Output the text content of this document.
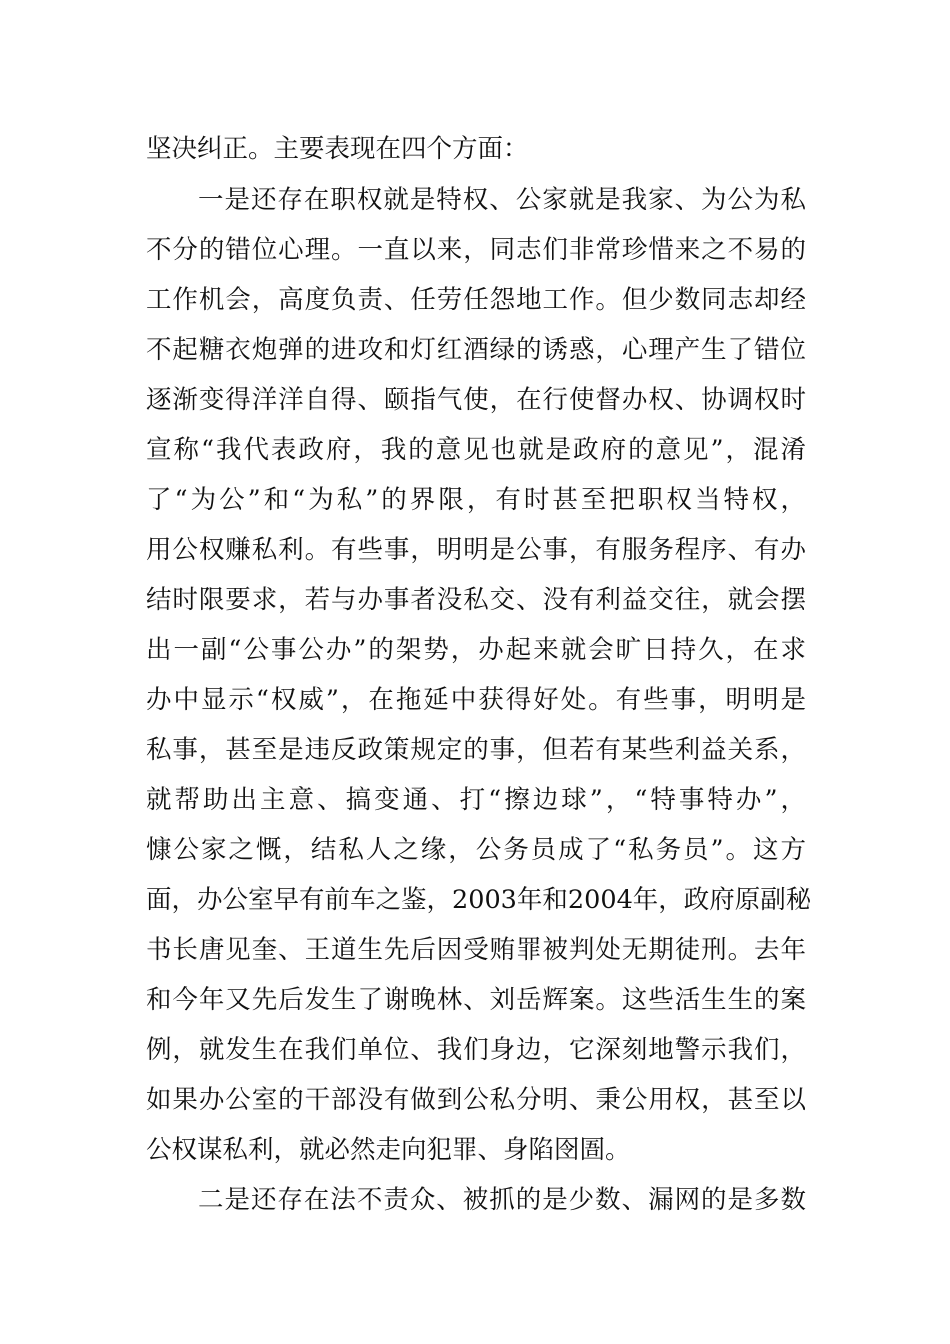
坚决纠正。主要表现在四个方面：
一是还存在职权就是特权、公家就是我家、为公为私
不分的错位心理。一直以来，同志们非常珍惜来之不易的
工作机会，高度负责、任劳任怨地工作。但少数同志却经
不起糖衣炮弹的进攻和灯红酒绿的诱惑，心理产生了错位
逐渐变得洋洋自得、颐指气使，在行使督办权、协调权时
宣称“我代表政府，我的意见也就是政府的意见”，混淆
了“为公”和“为私”的界限，有时甚至把职权当特权，
用公权赚私利。有些事，明明是公事，有服务程序、有办
结时限要求，若与办事者没私交、没有利益交往，就会摆
出一副“公事公办”的架势，办起来就会旷日持久，在求
办中显示“权威”，在拖延中获得好处。有些事，明明是
私事，甚至是违反政策规定的事，但若有某些利益关系，
就帮助出主意、搞变通、打“擦边球”，“特事特办”，
慷公家之慨，结私人之缘，公务员成了“私务员”。这方
面，办公室早有前车之鉴，2003年和2004年，政府原副秘
书长唐见奎、王道生先后因受贿罪被判处无期徒刑。去年
和今年又先后发生了谢晚林、刘岳辉案。这些活生生的案
例，就发生在我们单位、我们身边，它深刻地警示我们，
如果办公室的干部没有做到公私分明、秉公用权，甚至以
公权谋私利，就必然走向犯罪、身陷囹圄。
二是还存在法不责众、被抓的是少数、漏网的是多数
